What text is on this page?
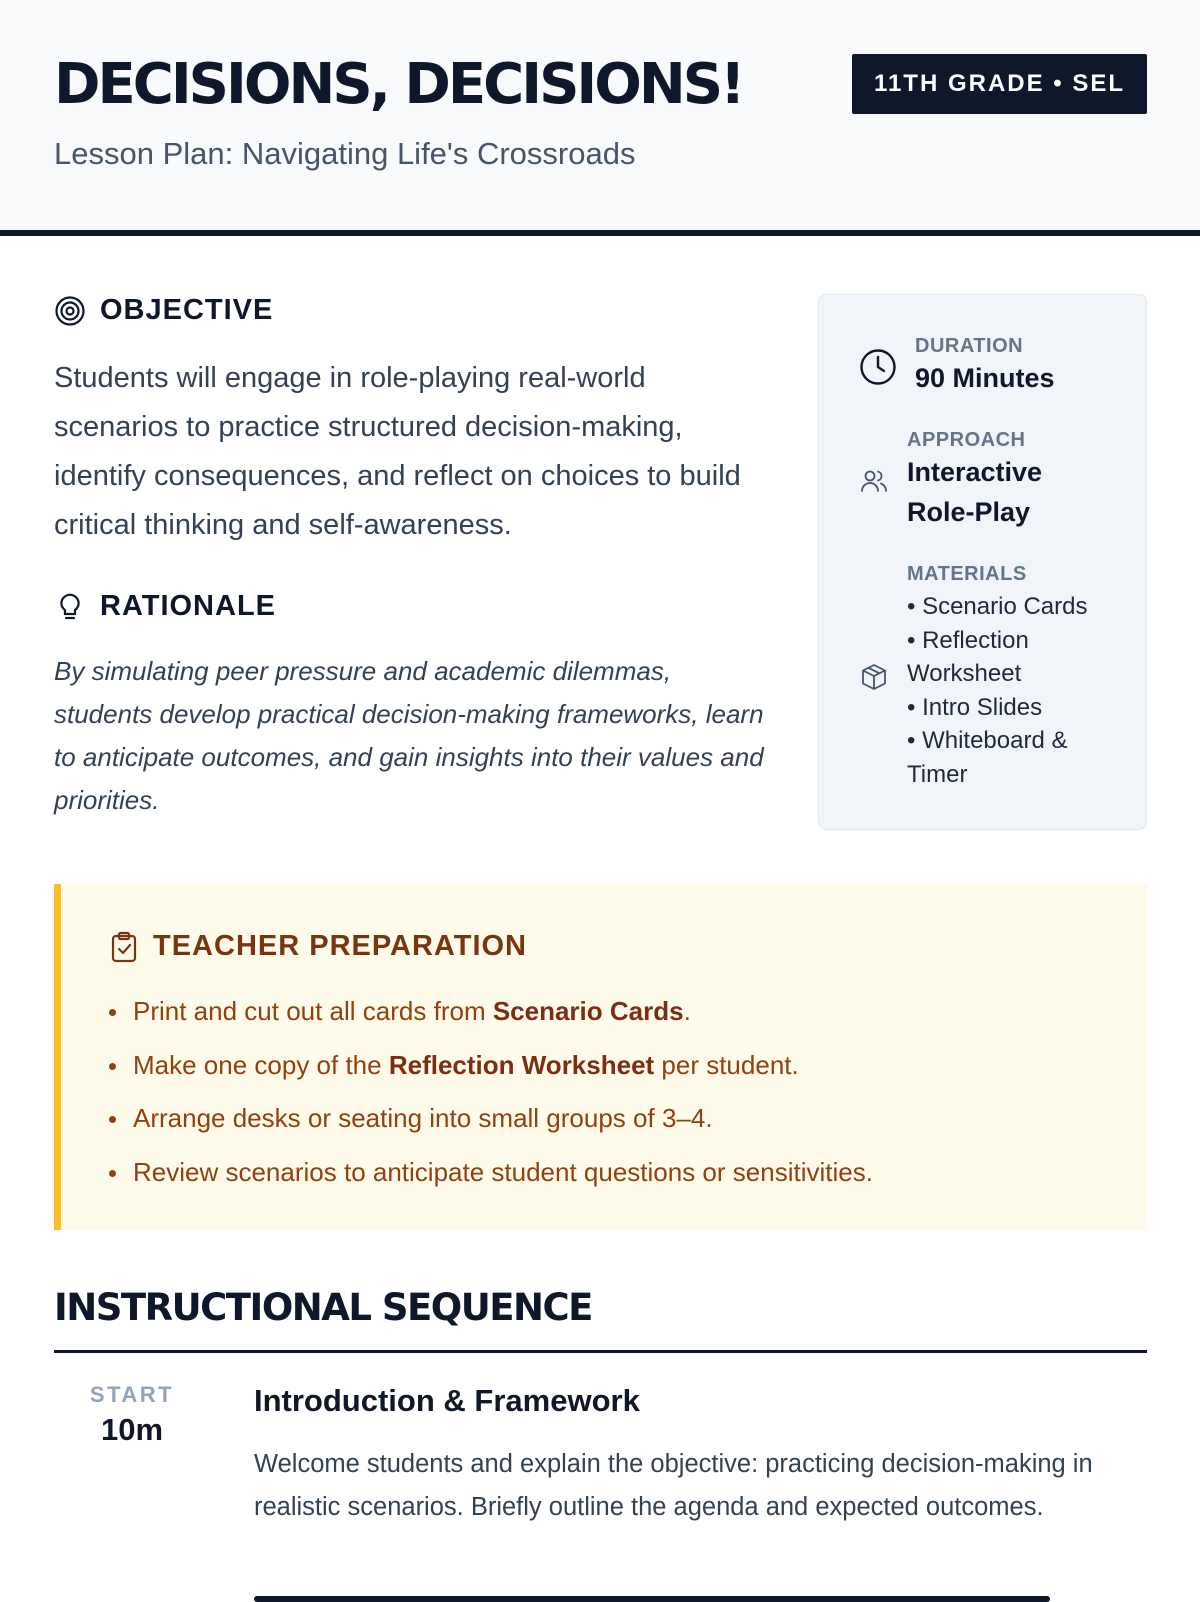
DECISIONS, DECISIONS!
Lesson Plan: Navigating Life's Crossroads
11TH GRADE • SEL
OBJECTIVE
Students will engage in role-playing real-world scenarios to practice structured decision-making, identify consequences, and reflect on choices to build critical thinking and self-awareness.
RATIONALE
By simulating peer pressure and academic dilemmas, students develop practical decision-making frameworks, learn to anticipate outcomes, and gain insights into their values and priorities.
DURATION
90 Minutes
APPROACH
Interactive Role-Play
MATERIALS
• Scenario Cards
• Reflection Worksheet
• Intro Slides
• Whiteboard & Timer
TEACHER PREPARATION
Print and cut out all cards from Scenario Cards.
Make one copy of the Reflection Worksheet per student.
Arrange desks or seating into small groups of 3–4.
Review scenarios to anticipate student questions or sensitivities.
INSTRUCTIONAL SEQUENCE
START
10m
Introduction & Framework
Welcome students and explain the objective: practicing decision-making in realistic scenarios. Briefly outline the agenda and expected outcomes.
